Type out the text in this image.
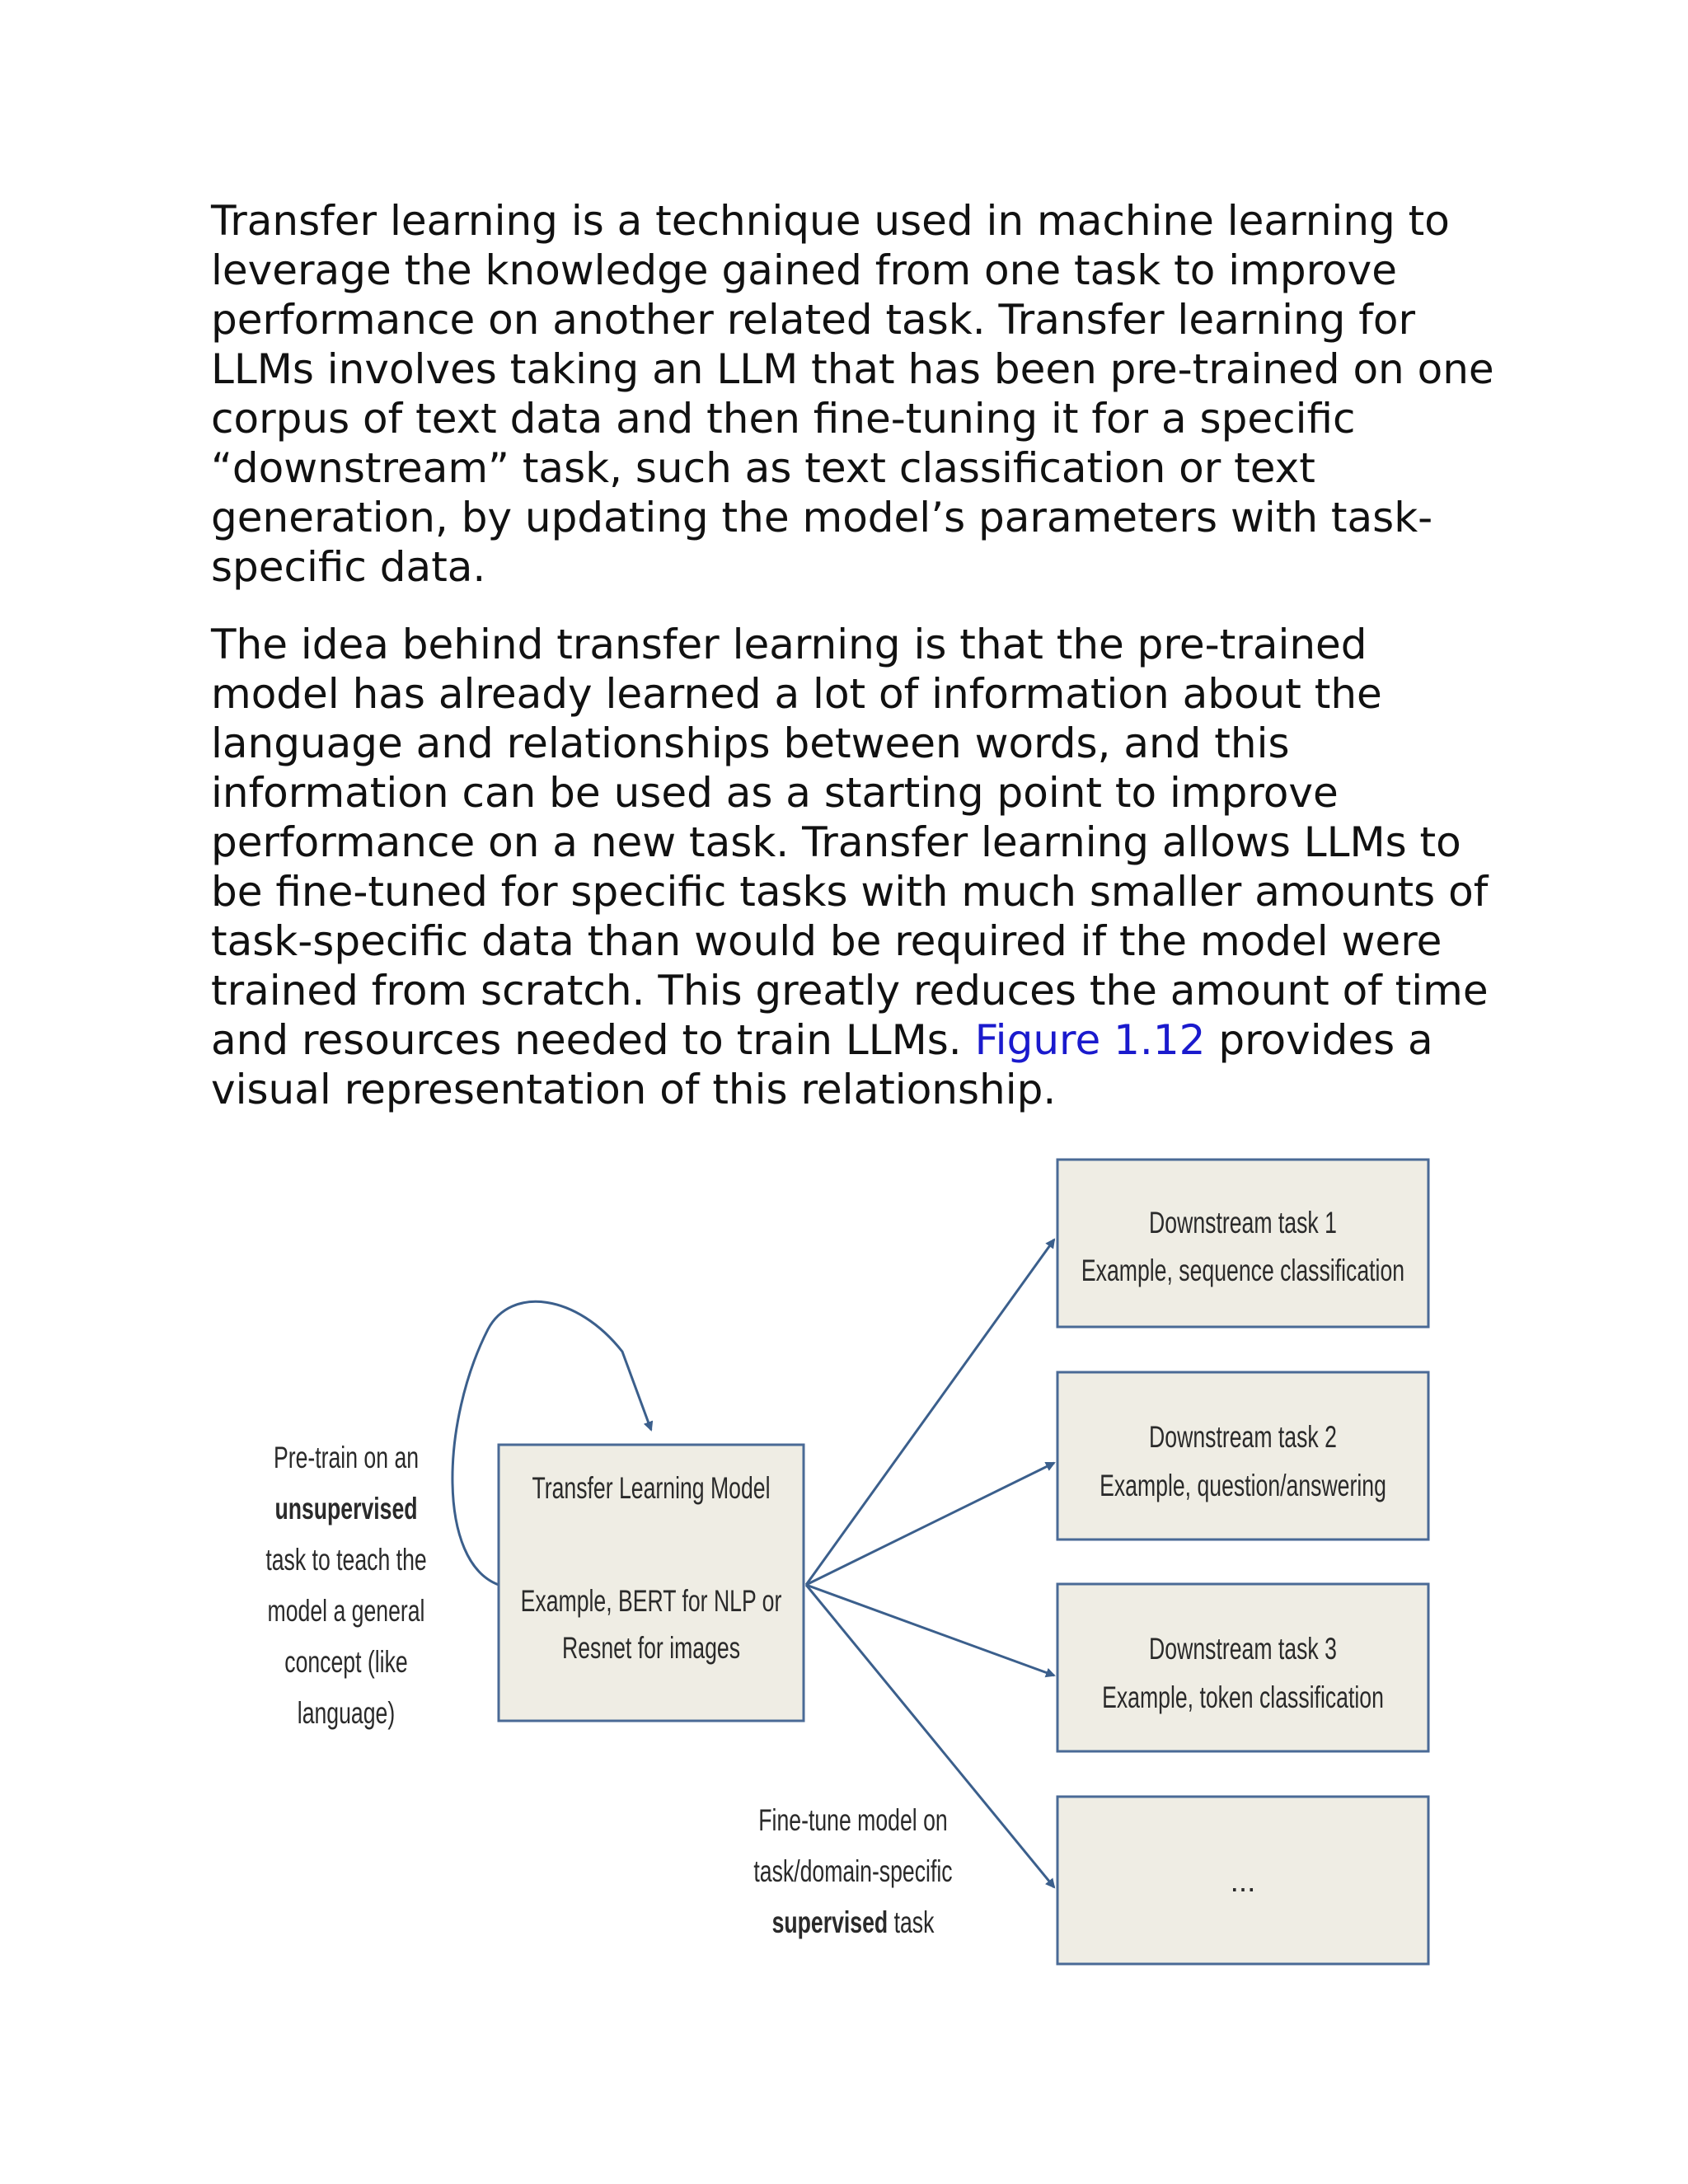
Transfer learning is a technique used in machine learning to leverage the knowledge gained from one task to improve performance on another related task. Transfer learning for LLMs involves taking an LLM that has been pre-trained on one corpus of text data and then fine-tuning it for a specific “downstream” task, such as text classification or text generation, by updating the model’s parameters with task-specific data.

The idea behind transfer learning is that the pre-trained model has already learned a lot of information about the language and relationships between words, and this information can be used as a starting point to improve performance on a new task. Transfer learning allows LLMs to be fine-tuned for specific tasks with much smaller amounts of task-specific data than would be required if the model were trained from scratch. This greatly reduces the amount of time and resources needed to train LLMs. Figure 1.12 provides a visual representation of this relationship.

Pre-train on an
unsupervised
task to teach the
model a general
concept (like
language)
Transfer Learning Model
Example, BERT for NLP or
Resnet for images
Downstream task 1
Example, sequence classification
Downstream task 2
Example, question/answering
Downstream task 3
Example, token classification
...
Fine-tune model on
task/domain-specific
supervised task
